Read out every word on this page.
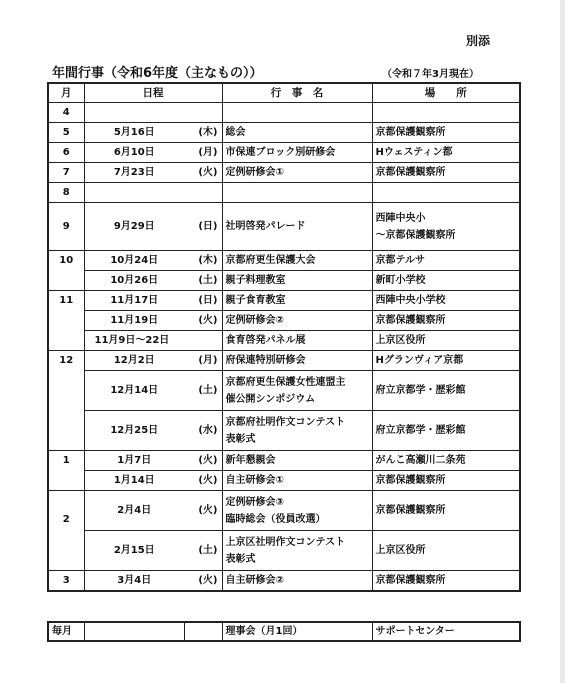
別添
年間行事（令和6年度（主なもの））	（令和７年3月現在）
月	日程		行　事　名	場　　所
4				
5	5月16日	(木)	総会	京都保護観察所
6	6月10日	(月)	市保連ブロック別研修会	Hウェスティン都
7	7月23日	(火)	定例研修会①	京都保護観察所
8				
9	9月29日	(日)	社明啓発パレード	西陣中央小
～京都保護観察所

10	10月24日	(木)	京都府更生保護大会	京都テルサ
	10月26日	(土)	親子料理教室	新町小学校
11	11月17日	(日)	親子食育教室	西陣中央小学校
	11月19日	(火)	定例研修会②	京都保護観察所
	11月9日～22日		食育啓発パネル展	上京区役所
12	12月2日	(月)	府保連特別研修会	Hグランヴィア京都
	12月14日	(土)	京都府更生保護女性連盟主
催公開シンポジウム	府立京都学・歴彩館
	12月25日	(水)	京都府社明作文コンテスト
表彰式	府立京都学・歴彩館
1	1月7日	(火)	新年懇親会	がんこ高瀬川二条苑
	1月14日	(火)	自主研修会①	京都保護観察所
2	2月4日	(火)	定例研修会③
臨時総会（役員改選）	京都保護観察所
	2月15日	(土)	上京区社明作文コンテスト
表彰式	上京区役所
3	3月4日	(火)	自主研修会②	京都保護観察所
毎月			理事会（月1回）	サポートセンター
